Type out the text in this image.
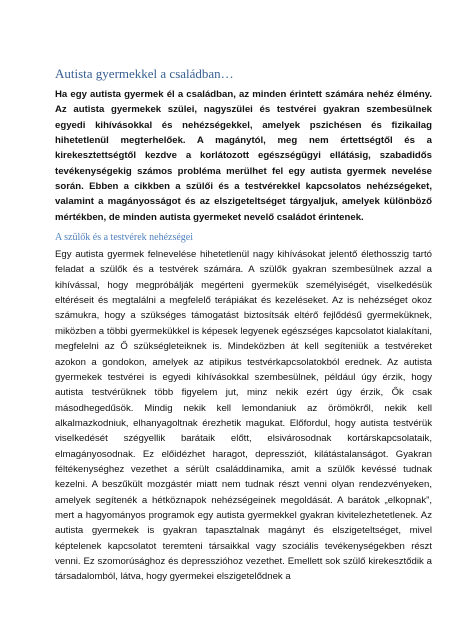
Autista gyermekkel a családban…

Ha egy autista gyermek él a családban, az minden érintett számára nehéz élmény. Az autista gyermekek szülei, nagyszülei és testvérei gyakran szembesülnek egyedi kihívásokkal és nehézségekkel, amelyek pszichésen és fizikailag hihetetlenül megterhelőek. A magánytól, meg nem értettségtől és a kirekesztettségtől kezdve a korlátozott egészségügyi ellátásig, szabadidős tevékenységekig számos probléma merülhet fel egy autista gyermek nevelése során. Ebben a cikkben a szülői és a testvérekkel kapcsolatos nehézségeket, valamint a magányosságot és az elszigeteltséget tárgyaljuk, amelyek különböző mértékben, de minden autista gyermeket nevelő családot érintenek.

A szülők és a testvérek nehézségei

Egy autista gyermek felnevelése hihetetlenül nagy kihívásokat jelentő élethosszig tartó feladat a szülők és a testvérek számára. A szülők gyakran szembesülnek azzal a kihívással, hogy megpróbálják megérteni gyermekük személyiségét, viselkedésük eltéréseit és megtalálni a megfelelő terápiákat és kezeléseket. Az is nehézséget okoz számukra, hogy a szükséges támogatást biztosítsák eltérő fejlődésű gyermeküknek, miközben a többi gyermekükkel is képesek legyenek egészséges kapcsolatot kialakítani, megfelelni az Ő szükségleteiknek is. Mindeközben át kell segíteniük a testvéreket azokon a gondokon, amelyek az atipikus testvérkapcsolatokból erednek. Az autista gyermekek testvérei is egyedi kihívásokkal szembesülnek, például úgy érzik, hogy autista testvérüknek több figyelem jut, minz nekik ezért úgy érzik, Ők csak másodhegedűsök. Mindig nekik kell lemondaniuk az örömökről, nekik kell alkalmazkodniuk, elhanyagoltnak érezhetik magukat. Előfordul, hogy autista testvérük viselkedését szégyellik barátaik előtt, elsivárosodnak kortárskapcsolataik, elmagányosodnak. Ez előidézhet haragot, depressziót, kilátástalanságot. Gyakran féltékenységhez vezethet a sérült családdinamika, amit a szülők kevéssé tudnak kezelni. A beszűkült mozgástér miatt nem tudnak részt venni olyan rendezvényeken, amelyek segítenék a hétköznapok nehézségeinek megoldását. A barátok „elkopnak”, mert a hagyományos programok egy autista gyermekkel gyakran kivitelezhetetlenek. Az autista gyermekek is gyakran tapasztalnak magányt és elszigeteltséget, mivel képtelenek kapcsolatot teremteni társaikkal vagy szociális tevékenységekben részt venni. Ez szomorúsághoz és depresszióhoz vezethet. Emellett sok szülő kirekesztődik a társadalomból, látva, hogy gyermekei elszigetelődnek a
